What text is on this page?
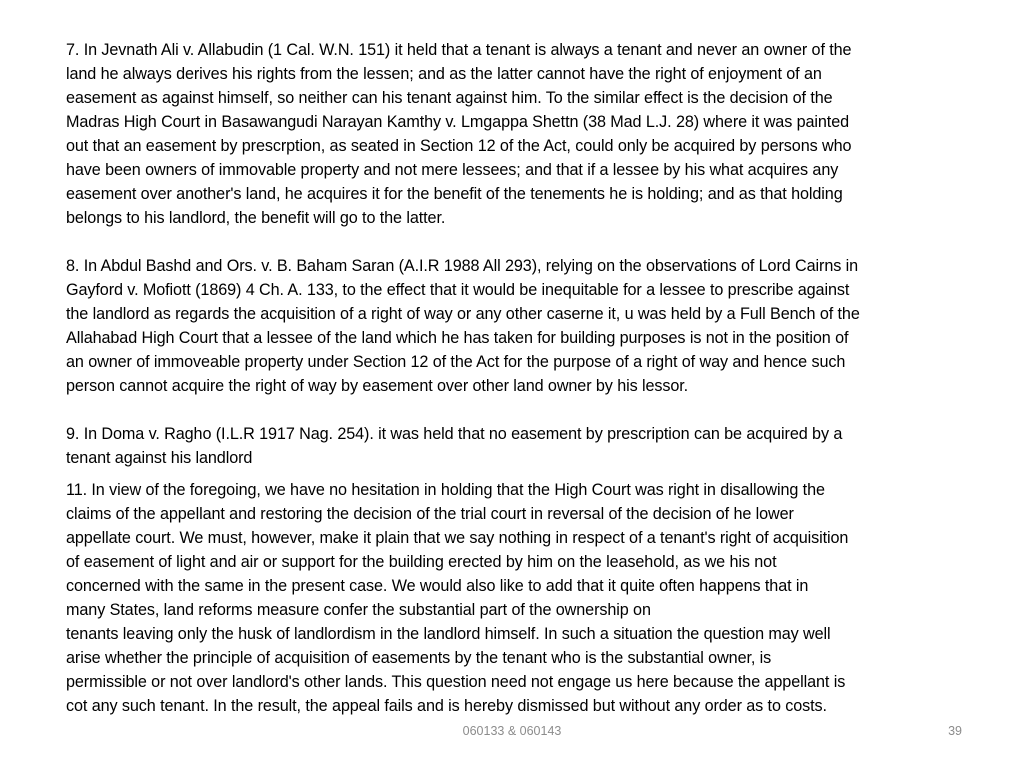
7. In Jevnath Ali v. Allabudin (1 Cal. W.N. 151) it held that a tenant is always a tenant and never an owner of the
land he always derives his rights from the lessen; and as the latter cannot have the right of enjoyment of an
easement as against himself, so neither can his tenant against him. To the similar effect is the decision of the
Madras High Court in Basawangudi Narayan Kamthy v. Lmgappa Shettn (38 Mad L.J. 28) where it was painted
out that an easement by prescrption, as seated in Section 12 of the Act, could only be acquired by persons who
have been owners of immovable property and not mere lessees; and that if a lessee by his what acquires any
easement over another's land, he acquires it for the benefit of the tenements he is holding; and as that holding
belongs to his landlord, the benefit will go to the latter.

8. In Abdul Bashd and Ors. v. B. Baham Saran (A.I.R 1988 All 293), relying on the observations of Lord Cairns in
Gayford v. Mofiott (1869) 4 Ch. A. 133, to the effect that it would be inequitable for a lessee to prescribe against
the landlord as regards the acquisition of a right of way or any other caserne it, u was held by a Full Bench of the
Allahabad High Court that a lessee of the land which he has taken for building purposes is not in the position of
an owner of immoveable property under Section 12 of the Act for the purpose of a right of way and hence such
person cannot acquire the right of way by easement over other land owner by his lessor.

9. In Doma v. Ragho (I.L.R 1917 Nag. 254). it was held that no easement by prescription can be acquired by a
tenant against his landlord

11. In view of the foregoing, we have no hesitation in holding that the High Court was right in disallowing the
claims of the appellant and restoring the decision of the trial court in reversal of the decision of he lower
appellate court. We must, however, make it plain that we say nothing in respect of a tenant's right of acquisition
of easement of light and air or support for the building erected by him on the leasehold, as we his not
concerned with the same in the present case. We would also like to add that it quite often happens that in
many States, land reforms measure confer the substantial part of the ownership on
tenants leaving only the husk of landlordism in the landlord himself. In such a situation the question may well
arise whether the principle of acquisition of easements by the tenant who is the substantial owner, is
permissible or not over landlord's other lands. This question need not engage us here because the appellant is
cot any such tenant. In the result, the appeal fails and is hereby dismissed but without any order as to costs.

060133 & 060143	39
